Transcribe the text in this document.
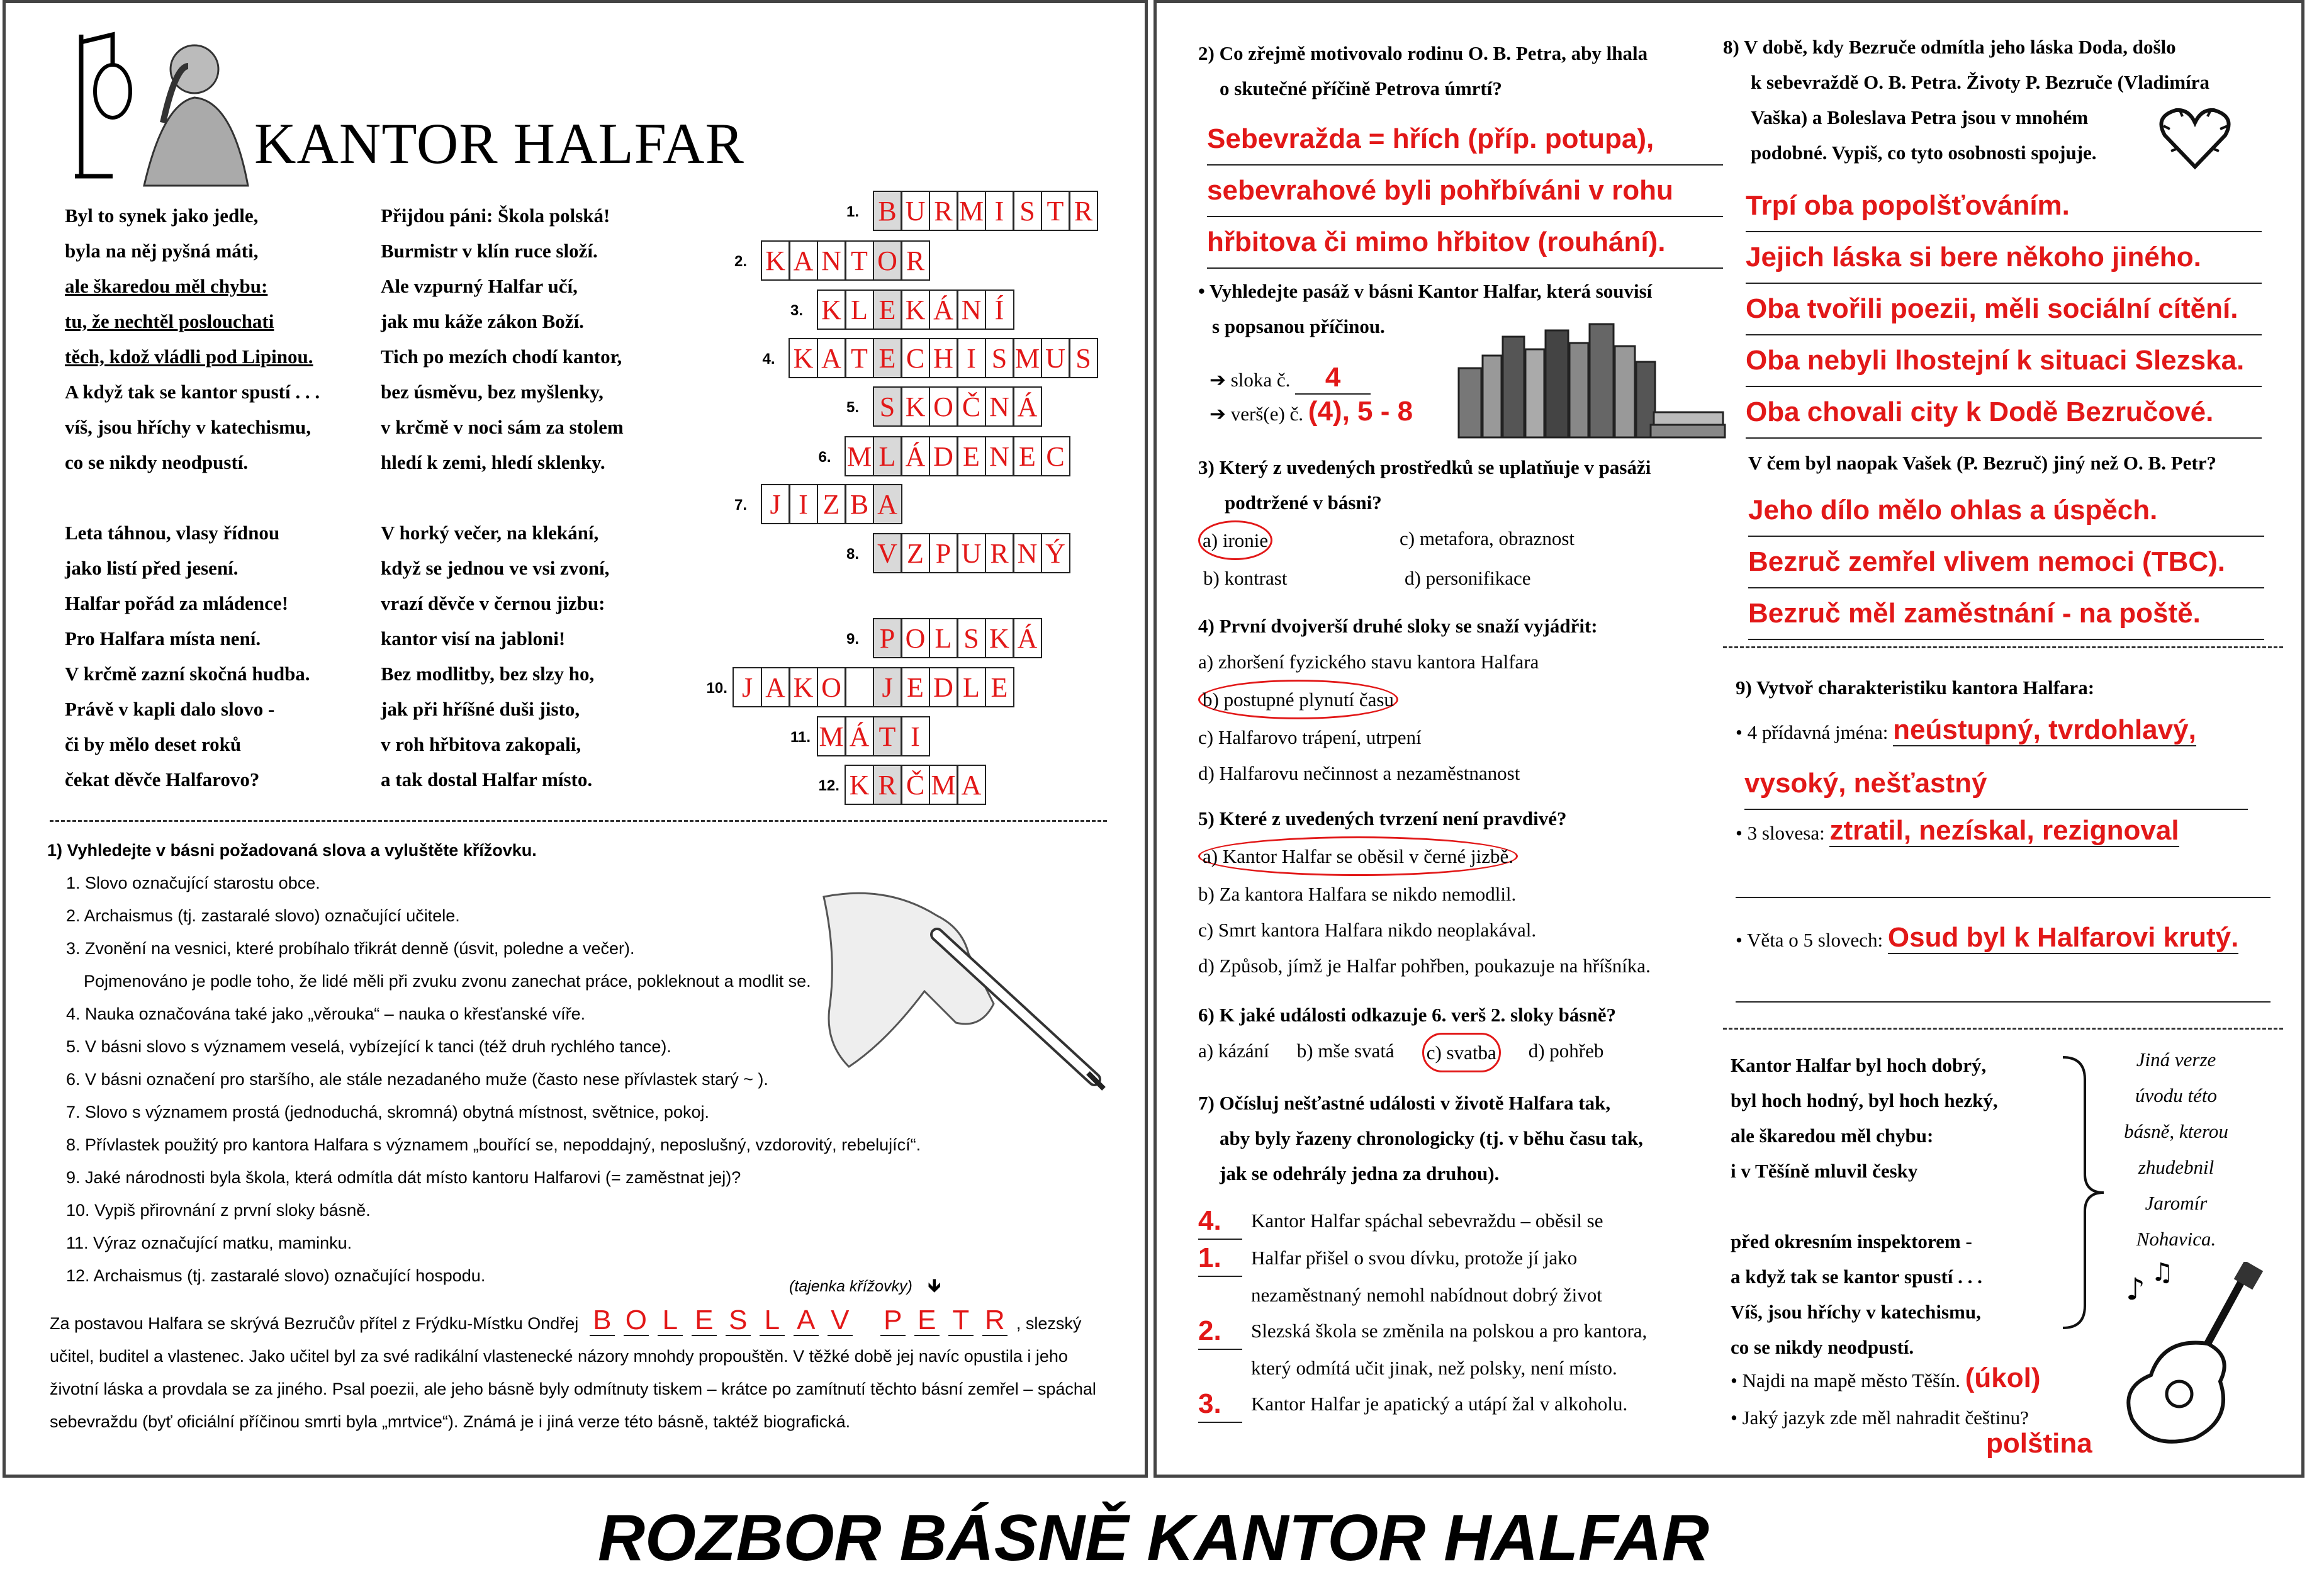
KANTOR HALFAR
Byl to synek jako jedle,
byla na něj pyšná máti,
ale škaredou měl chybu:
tu, že nechtěl poslouchati
těch, kdož vládli pod Lipinou.
A když tak se kantor spustí . . .
víš, jsou hříchy v katechismu,
co se nikdy neodpustí.
Leta táhnou, vlasy řídnou
jako listí před jesení.
Halfar pořád za mládence!
Pro Halfara místa není.
V krčmě zazní skočná hudba.
Právě v kapli dalo slovo -
či by mělo deset roků
čekat děvče Halfarovo?
Přijdou páni: Škola polská!
Burmistr v klín ruce složí.
Ale vzpurný Halfar učí,
jak mu káže zákon Boží.
Tich po mezích chodí kantor,
bez úsměvu, bez myšlenky,
v krčmě v noci sám za stolem
hledí k zemi, hledí sklenky.
V horký večer, na klekání,
když se jednou ve vsi zvoní,
vrazí děvče v černou jizbu:
kantor visí na jabloni!
Bez modlitby, bez slzy ho,
jak při hříšné duši jisto,
v roh hřbitova zakopali,
a tak dostal Halfar místo.
1. B U R M I S T R
2. K A N T O R
3. K L E K Á N Í
4. K A T E C H I S M U S
5. S K O Č N Á
6. M L Á D E N E C
7. J I Z B A
8. V Z P U R N Ý
9. P O L S K Á
10. J A K O	J E D L E
11. M Á T I
12. K R Č M A
1) Vyhledejte v básni požadovaná slova a vyluštěte křížovku.
1. Slovo označující starostu obce.
2. Archaismus (tj. zastaralé slovo) označující učitele.
3. Zvonění na vesnici, které probíhalo třikrát denně (úsvit, poledne a večer).
Pojmenováno je podle toho, že lidé měli při zvuku zvonu zanechat práce, pokleknout a modlit se.
4. Nauka označována také jako „věrouka“ – nauka o křesťanské víře.
5. V básni slovo s významem veselá, vybízející k tanci (též druh rychlého tance).
6. V básni označení pro staršího, ale stále nezadaného muže (často nese přívlastek starý ~ ).
7. Slovo s významem prostá (jednoduchá, skromná) obytná místnost, světnice, pokoj.
8. Přívlastek použitý pro kantora Halfara s významem „bouřící se, nepoddajný, neposlušný, vzdorovitý, rebelující“.
9. Jaké národnosti byla škola, která odmítla dát místo kantoru Halfarovi (= zaměstnat jej)?
10. Vypiš přirovnání z první sloky básně.
11. Výraz označující matku, maminku.
12. Archaismus (tj. zastaralé slovo) označující hospodu.
(tajenka křížovky) 🡻
Za postavou Halfara se skrývá Bezručův přítel z Frýdku-Místku Ondřej B O L E S L A V P E T R , slezský učitel, buditel a vlastenec. Jako učitel byl za své radikální vlastenecké názory mnohdy propouštěn. V těžké době jej navíc opustila i jeho životní láska a provdala se za jiného. Psal poezii, ale jeho básně byly odmítnuty tiskem – krátce po zamítnutí těchto básní zemřel – spáchal sebevraždu (byť oficiální příčinou smrti byla „mrtvice“). Známá je i jiná verze této básně, taktéž biografická.
2) Co zřejmě motivovalo rodinu O. B. Petra, aby lhala
o skutečné příčině Petrova úmrtí?
Sebevražda = hřích (příp. potupa),
sebevrahové byli pohřbíváni v rohu
hřbitova či mimo hřbitov (rouhání).
• Vyhledejte pasáž v básni Kantor Halfar, která souvisí
s popsanou příčinou.
➔ sloka č. 4
➔ verš(e) č. (4), 5 - 8
3) Který z uvedených prostředků se uplatňuje v pasáži
podtržené v básni?
a) ironie	c) metafora, obraznost
b) kontrast	d) personifikace
4) První dvojverší druhé sloky se snaží vyjádřit:
a) zhoršení fyzického stavu kantora Halfara
b) postupné plynutí času
c) Halfarovo trápení, utrpení
d) Halfarovu nečinnost a nezaměstnanost
5) Které z uvedených tvrzení není pravdivé?
a) Kantor Halfar se oběsil v černé jizbě.
b) Za kantora Halfara se nikdo nemodlil.
c) Smrt kantora Halfara nikdo neoplakával.
d) Způsob, jímž je Halfar pohřben, poukazuje na hříšníka.
6) K jaké události odkazuje 6. verš 2. sloky básně?
a) kázání b) mše svatá c) svatba d) pohřeb
7) Očísluj nešťastné události v životě Halfara tak,
aby byly řazeny chronologicky (tj. v běhu času tak,
jak se odehrály jedna za druhou).
4.	Kantor Halfar spáchal sebevraždu – oběsil se
1.	Halfar přišel o svou dívku, protože jí jako
nezaměstnaný nemohl nabídnout dobrý život
2.	Slezská škola se změnila na polskou a pro kantora,
který odmítá učit jinak, než polsky, není místo.
3.	Kantor Halfar je apatický a utápí žal v alkoholu.
8) V době, kdy Bezruče odmítla jeho láska Doda, došlo
k sebevraždě O. B. Petra. Životy P. Bezruče (Vladimíra
Vaška) a Boleslava Petra jsou v mnohém
podobné. Vypiš, co tyto osobnosti spojuje.
Trpí oba popolšťováním.
Jejich láska si bere někoho jiného.
Oba tvořili poezii, měli sociální cítění.
Oba nebyli lhostejní k situaci Slezska.
Oba chovali city k Dodě Bezručové.
V čem byl naopak Vašek (P. Bezruč) jiný než O. B. Petr?
Jeho dílo mělo ohlas a úspěch.
Bezruč zemřel vlivem nemoci (TBC).
Bezruč měl zaměstnání - na poště.
9) Vytvoř charakteristiku kantora Halfara:
• 4 přídavná jména: neústupný, tvrdohlavý,
vysoký, nešťastný
• 3 slovesa: ztratil, nezískal, rezignoval
• Věta o 5 slovech: Osud byl k Halfarovi krutý.
Kantor Halfar byl hoch dobrý,
byl hoch hodný, byl hoch hezký,
ale škaredou měl chybu:
i v Těšíně mluvil česky
před okresním inspektorem -
a když tak se kantor spustí . . .
Víš, jsou hříchy v katechismu,
co se nikdy neodpustí.
Jiná verze
úvodu této
básně, kterou
zhudebnil
Jaromír
Nohavica.
♪ ♫
• Najdi na mapě město Těšín. (úkol)
• Jaký jazyk zde měl nahradit češtinu?
polština
ROZBOR BÁSNĚ KANTOR HALFAR
